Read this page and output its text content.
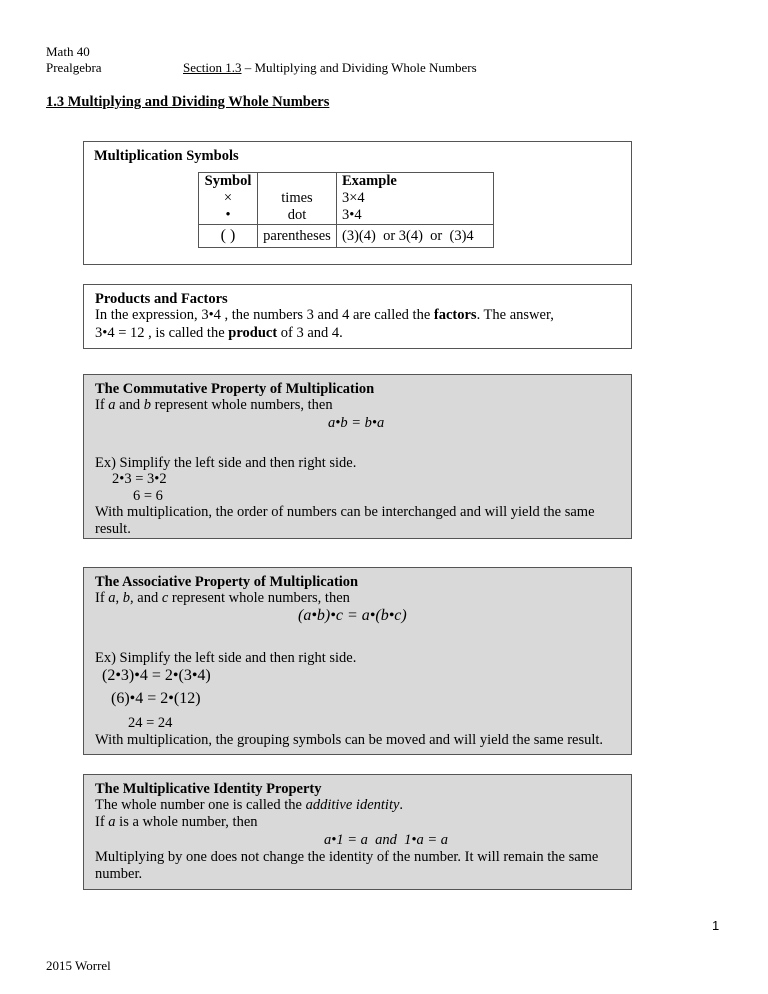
Math 40
Prealgebra	Section 1.3 – Multiplying and Dividing Whole Numbers
1.3 Multiplying and Dividing Whole Numbers
Multiplication Symbols
Symbol		Example
×	times	3×4
•	dot	3•4
( )	parentheses	(3)(4)  or 3(4)  or  (3)4
Products and Factors
In the expression, 3•4 , the numbers 3 and 4 are called the factors. The answer,
3•4 = 12 , is called the product of 3 and 4.
The Commutative Property of Multiplication
If a and b represent whole numbers, then
a•b = b•a
Ex) Simplify the left side and then right side.
2•3 = 3•2
6 = 6
With multiplication, the order of numbers can be interchanged and will yield the same result.
The Associative Property of Multiplication
If a, b, and c represent whole numbers, then
(a•b)•c = a•(b•c)
Ex) Simplify the left side and then right side.
(2•3)•4 = 2•(3•4)
(6)•4 = 2•(12)
24 = 24
With multiplication, the grouping symbols can be moved and will yield the same result.
The Multiplicative Identity Property
The whole number one is called the additive identity.
If a is a whole number, then
a•1 = a  and  1•a = a
Multiplying by one does not change the identity of the number. It will remain the same number.
1
2015 Worrel
